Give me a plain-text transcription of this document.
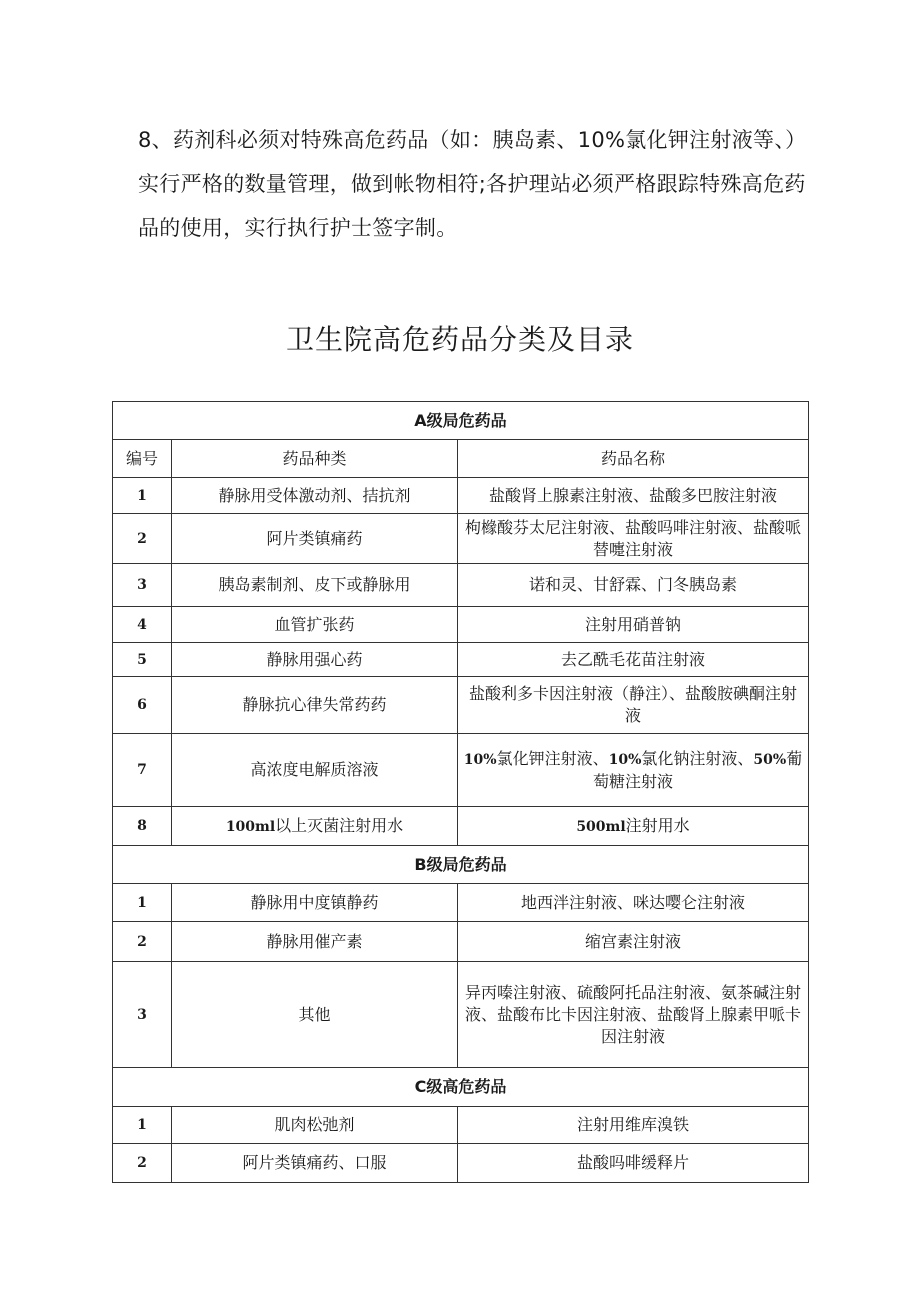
8、药剂科必须对特殊高危药品（如：胰岛素、10%氯化钾注射液等、）

实行严格的数量管理，做到帐物相符;各护理站必须严格跟踪特殊高危药

品的使用，实行执行护士签字制。

卫生院高危药品分类及目录
A级局危药品		
编号	药品种类	药品名称
1	静脉用受体激动剂、拮抗剂	盐酸肾上腺素注射液、盐酸多巴胺注射液
2	阿片类镇痛药	枸橼酸芬太尼注射液、盐酸吗啡注射液、盐酸哌替嚏注射液
3	胰岛素制剂、皮下或静脉用	诺和灵、甘舒霖、门冬胰岛素
4	血管扩张药	注射用硝普钠
5	静脉用强心药	去乙酰毛花苗注射液
6	静脉抗心律失常药药	盐酸利多卡因注射液（静注）、盐酸胺碘酮注射液
7	高浓度电解质溶液	10%氯化钾注射液、10%氯化钠注射液、50%葡萄糖注射液
8	100ml以上灭菌注射用水	500ml注射用水
B级局危药品		
1	静脉用中度镇静药	地西泮注射液、咪达嘤仑注射液
2	静脉用催产素	缩宫素注射液
3	其他	异丙嗪注射液、硫酸阿托品注射液、氨茶碱注射液、盐酸布比卡因注射液、盐酸肾上腺素甲哌卡因注射液
C级高危药品		
1	肌肉松弛剂	注射用维库溴铁
2	阿片类镇痛药、口服	盐酸吗啡缓释片
